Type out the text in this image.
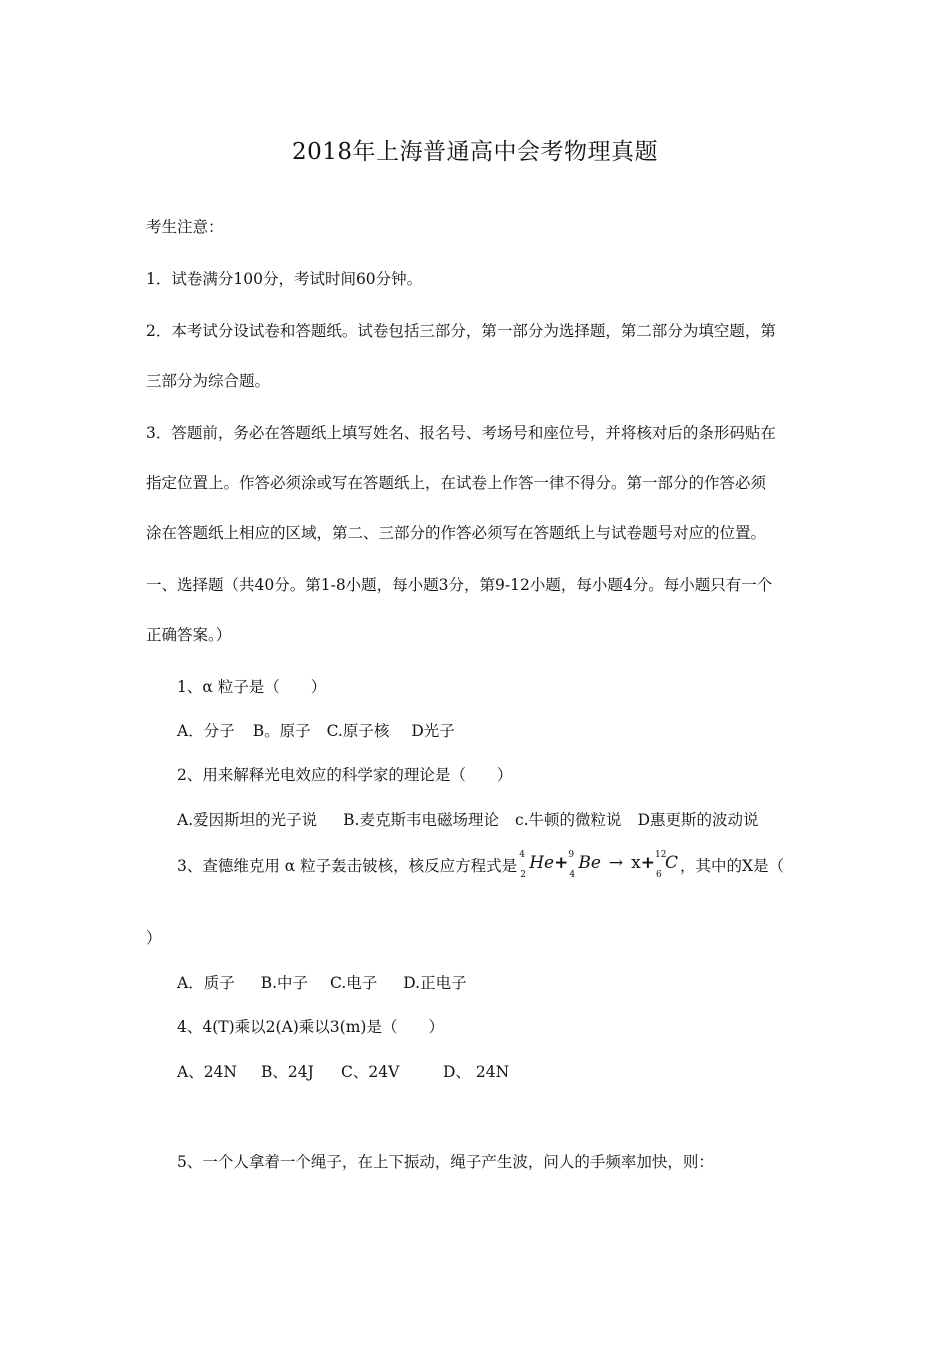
2018年上海普通高中会考物理真题
考生注意：
1．试卷满分100分，考试时间60分钟。
2．本考试分设试卷和答题纸。试卷包括三部分，第一部分为选择题，第二部分为填空题，第
三部分为综合题。
3．答题前，务必在答题纸上填写姓名、报名号、考场号和座位号，并将核对后的条形码贴在
指定位置上。作答必须涂或写在答题纸上，在试卷上作答一律不得分。第一部分的作答必须
涂在答题纸上相应的区域，第二、三部分的作答必须写在答题纸上与试卷题号对应的位置。
一、选择题（共40分。第1-8小题，每小题3分，第9-12小题，每小题4分。每小题只有一个
正确答案。）
1、α 粒子是（　　）
A．分子 B。原子 C.原子核 D光子
2、用来解释光电效应的科学家的理论是（　　）
A.爱因斯坦的光子说 B.麦克斯韦电磁场理论 c.牛顿的微粒说 D惠更斯的波动说
3、查德维克用 α 粒子轰击铍核，核反应方程式是
4
2
He+ 9
4
Be → x+ 12
6
C ，其中的X是（
）
A．质子 B.中子 C.电子 D.正电子
4、4(T)乘以2(A)乘以3(m)是（　　）
A、24N B、24J C、24V	D、 24N
5、一个人拿着一个绳子，在上下振动，绳子产生波，问人的手频率加快，则：
